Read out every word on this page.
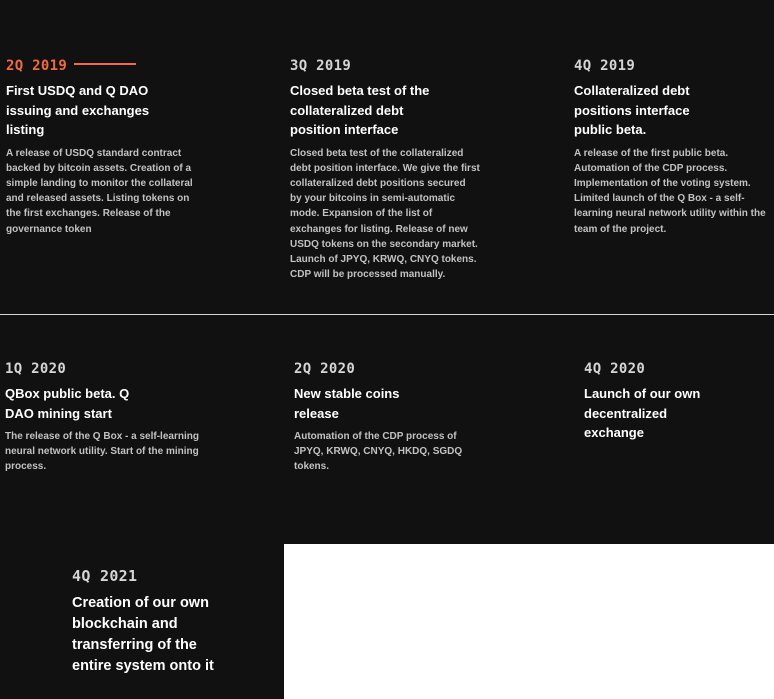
2Q 2019
First USDQ and Q DAO issuing and exchanges listing
A release of USDQ standard contract backed by bitcoin assets. Creation of a simple landing to monitor the collateral and released assets. Listing tokens on the first exchanges. Release of the governance token
3Q 2019
Closed beta test of the collateralized debt position interface
Closed beta test of the collateralized debt position interface. We give the first collateralized debt positions secured by your bitcoins in semi-automatic mode. Expansion of the list of exchanges for listing. Release of new USDQ tokens on the secondary market. Launch of JPYQ, KRWQ, CNYQ tokens. CDP will be processed manually.
4Q 2019
Collateralized debt positions interface public beta.
A release of the first public beta. Automation of the CDP process. Implementation of the voting system. Limited launch of the Q Box - a self-learning neural network utility within the team of the project.
1Q 2020
QBox public beta. Q DAO mining start
The release of the Q Box - a self-learning neural network utility. Start of the mining process.
2Q 2020
New stable coins release
Automation of the CDP process of JPYQ, KRWQ, CNYQ, HKDQ, SGDQ tokens.
4Q 2020
Launch of our own decentralized exchange
4Q 2021
Creation of our own blockchain and transferring of the entire system onto it
